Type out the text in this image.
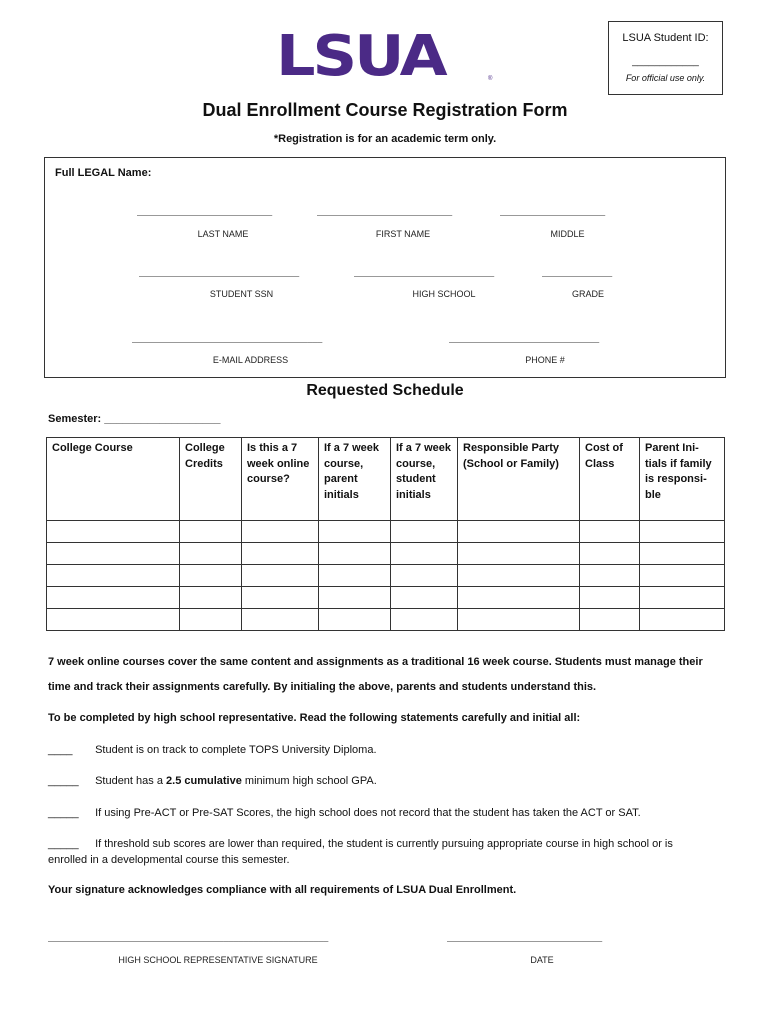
LSUA	®
LSUA Student ID:
____________
For official use only.
Dual Enrollment Course Registration Form
*Registration is for an academic term only.
Full LEGAL Name:
___________________________	___________________________	_____________________
LAST NAME	FIRST NAME	MIDDLE
________________________________	____________________________	______________
STUDENT SSN	HIGH SCHOOL	GRADE
______________________________________	______________________________
E-MAIL ADDRESS	PHONE #
Requested Schedule
Semester: ___________________
College Course	College Credits	Is this a 7 week online course?	If a 7 week course, parent initials	If a 7 week course, student initials	Responsible Party (School or Family)	Cost of Class	Parent Ini-tials if family is responsi-ble

7 week online courses cover the same content and assignments as a traditional 16 week course. Students must manage their
time and track their assignments carefully. By initialing the above, parents and students understand this.
To be completed by high school representative. Read the following statements carefully and initial all:
____ Student is on track to complete TOPS University Diploma.
_____ Student has a 2.5 cumulative minimum high school GPA.
_____ If using Pre-ACT or Pre-SAT Scores, the high school does not record that the student has taken the ACT or SAT.
_____ If threshold sub scores are lower than required, the student is currently pursuing appropriate course in high school or is enrolled in a developmental course this semester.
Your signature acknowledges compliance with all requirements of LSUA Dual Enrollment.
________________________________________________________	_______________________________
HIGH SCHOOL REPRESENTATIVE SIGNATURE	DATE
